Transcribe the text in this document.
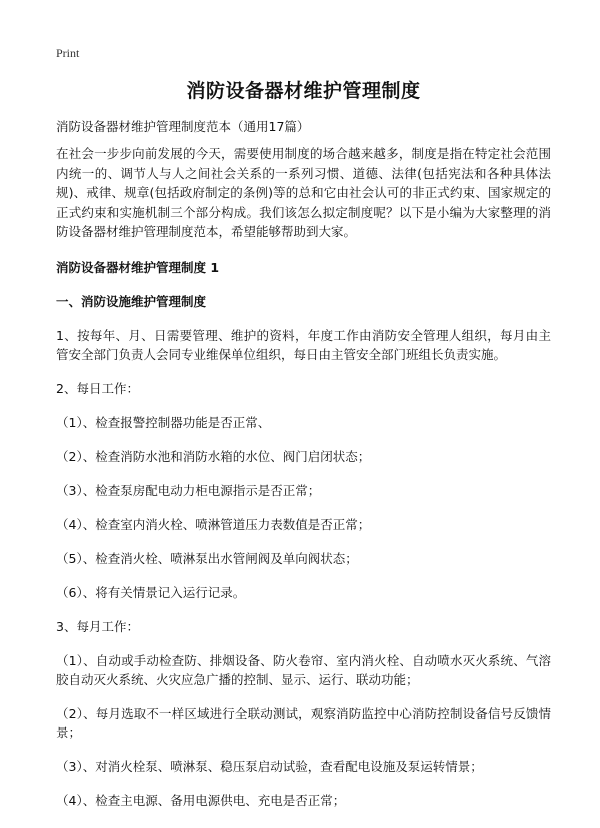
Print
消防设备器材维护管理制度
消防设备器材维护管理制度范本（通用17篇）
在社会一步步向前发展的今天，需要使用制度的场合越来越多，制度是指在特定社会范围内统一的、调节人与人之间社会关系的一系列习惯、道德、法律(包括宪法和各种具体法规)、戒律、规章(包括政府制定的条例)等的总和它由社会认可的非正式约束、国家规定的正式约束和实施机制三个部分构成。我们该怎么拟定制度呢？以下是小编为大家整理的消防设备器材维护管理制度范本，希望能够帮助到大家。
消防设备器材维护管理制度 1
一、消防设施维护管理制度
1、按每年、月、日需要管理、维护的资料，年度工作由消防安全管理人组织，每月由主管安全部门负责人会同专业维保单位组织，每日由主管安全部门班组长负责实施。
2、每日工作：
（1）、检查报警控制器功能是否正常、
（2）、检查消防水池和消防水箱的水位、阀门启闭状态；
（3）、检查泵房配电动力柜电源指示是否正常；
（4）、检查室内消火栓、喷淋管道压力表数值是否正常；
（5）、检查消火栓、喷淋泵出水管闸阀及单向阀状态；
（6）、将有关情景记入运行记录。
3、每月工作：
（1）、自动或手动检查防、排烟设备、防火卷帘、室内消火栓、自动喷水灭火系统、气溶胶自动灭火系统、火灾应急广播的控制、显示、运行、联动功能；
（2）、每月选取不一样区域进行全联动测试，观察消防监控中心消防控制设备信号反馈情景；
（3）、对消火栓泵、喷淋泵、稳压泵启动试验，查看配电设施及泵运转情景；
（4）、检查主电源、备用电源供电、充电是否正常；
